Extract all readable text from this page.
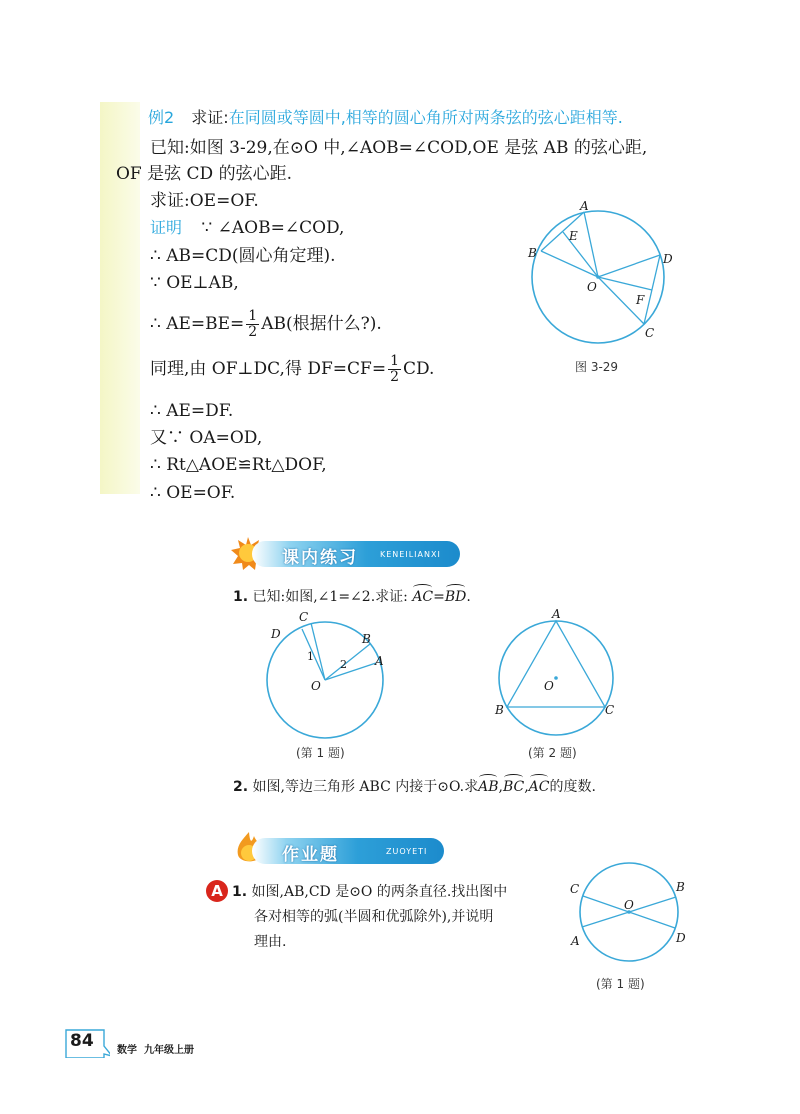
例2 求证:在同圆或等圆中,相等的圆心角所对两条弦的弦心距相等.
已知:如图 3-29,在⊙O 中,∠AOB=∠COD,OE 是弦 AB 的弦心距,
OF 是弦 CD 的弦心距.
求证:OE=OF.
证明 ∵ ∠AOB=∠COD,
∴ AB=CD(圆心角定理).
∵ OE⊥AB,
∴ $AE=BE= \frac{1}{2} AB$(根据什么?).
同理,由 OF⊥DC,得 $DF=CF= \frac{1}{2}$ CD.
∴ AE=DF.
又∵ OA=OD,
∴ Rt△AOE≌Rt△DOF,
∴ OE=OF.
A
B
E
D
O
F
C
图 3-29
课内练习	KENEILIANXI
1. 已知:如图,∠1=∠2.求证: AC=BD.
C
D	B
A
O
1
2
(第 1 题)
A
B	C
O
(第 2 题)
2. 如图,等边三角形 ABC 内接于⊙O.求AB,BC,AC的度数.
作业题	ZUOYETI
A 1. 如图,AB,CD 是⊙O 的两条直径.找出图中
各对相等的弧(半圆和优弧除外),并说明
理由.
C	B
O
A	D
(第 1 题)
84 数学  九年级上册
